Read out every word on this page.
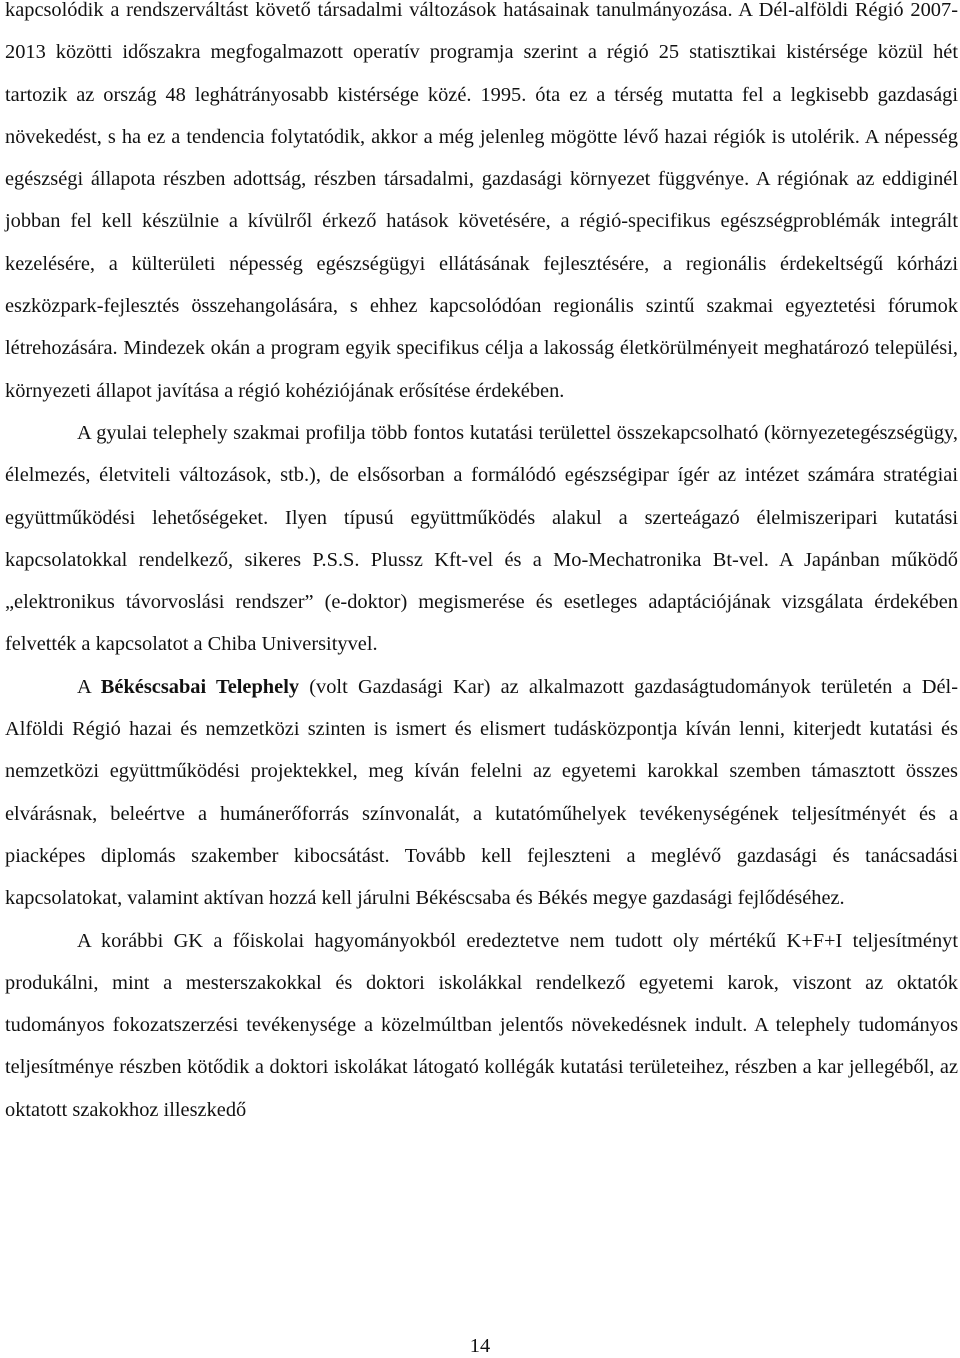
kapcsolódik a rendszerváltást követő társadalmi változások hatásainak tanulmányozása. A Dél-alföldi Régió 2007-2013 közötti időszakra megfogalmazott operatív programja szerint a régió 25 statisztikai kistérsége közül hét tartozik az ország 48 leghátrányosabb kistérsége közé. 1995. óta ez a térség mutatta fel a legkisebb gazdasági növekedést, s ha ez a tendencia folytatódik, akkor a még jelenleg mögötte lévő hazai régiók is utolérik. A népesség egészségi állapota részben adottság, részben társadalmi, gazdasági környezet függvénye. A régiónak az eddiginél jobban fel kell készülnie a kívülről érkező hatások követésére, a régió-specifikus egészségproblémák integrált kezelésére, a külterületi népesség egészségügyi ellátásának fejlesztésére, a regionális érdekeltségű kórházi eszközpark-fejlesztés összehangolására, s ehhez kapcsolódóan regionális szintű szakmai egyeztetési fórumok létrehozására. Mindezek okán a program egyik specifikus célja a lakosság életkörülményeit meghatározó települési, környezeti állapot javítása a régió kohéziójának erősítése érdekében.

A gyulai telephely szakmai profilja több fontos kutatási területtel összekapcsolható (környezetegészségügy, élelmezés, életviteli változások, stb.), de elsősorban a formálódó egészségipar ígér az intézet számára stratégiai együttműködési lehetőségeket. Ilyen típusú együttműködés alakul a szerteágazó élelmiszeripari kutatási kapcsolatokkal rendelkező, sikeres P.S.S. Plussz Kft-vel és a Mo-Mechatronika Bt-vel. A Japánban működő „elektronikus távorvoslási rendszer” (e-doktor) megismerése és esetleges adaptációjának vizsgálata érdekében felvették a kapcsolatot a Chiba Universityvel.

A Békéscsabai Telephely (volt Gazdasági Kar) az alkalmazott gazdaságtudományok területén a Dél-Alföldi Régió hazai és nemzetközi szinten is ismert és elismert tudásközpontja kíván lenni, kiterjedt kutatási és nemzetközi együttműködési projektekkel, meg kíván felelni az egyetemi karokkal szemben támasztott összes elvárásnak, beleértve a humánerőforrás színvonalát, a kutatóműhelyek tevékenységének teljesítményét és a piacképes diplomás szakember kibocsátást. Tovább kell fejleszteni a meglévő gazdasági és tanácsadási kapcsolatokat, valamint aktívan hozzá kell járulni Békéscsaba és Békés megye gazdasági fejlődéséhez.

A korábbi GK a főiskolai hagyományokból eredeztetve nem tudott oly mértékű K+F+I teljesítményt produkálni, mint a mesterszakokkal és doktori iskolákkal rendelkező egyetemi karok, viszont az oktatók tudományos fokozatszerzési tevékenysége a közelmúltban jelentős növekedésnek indult. A telephely tudományos teljesítménye részben kötődik a doktori iskolákat látogató kollégák kutatási területeihez, részben a kar jellegéből, az oktatott szakokhoz illeszkedő

14
